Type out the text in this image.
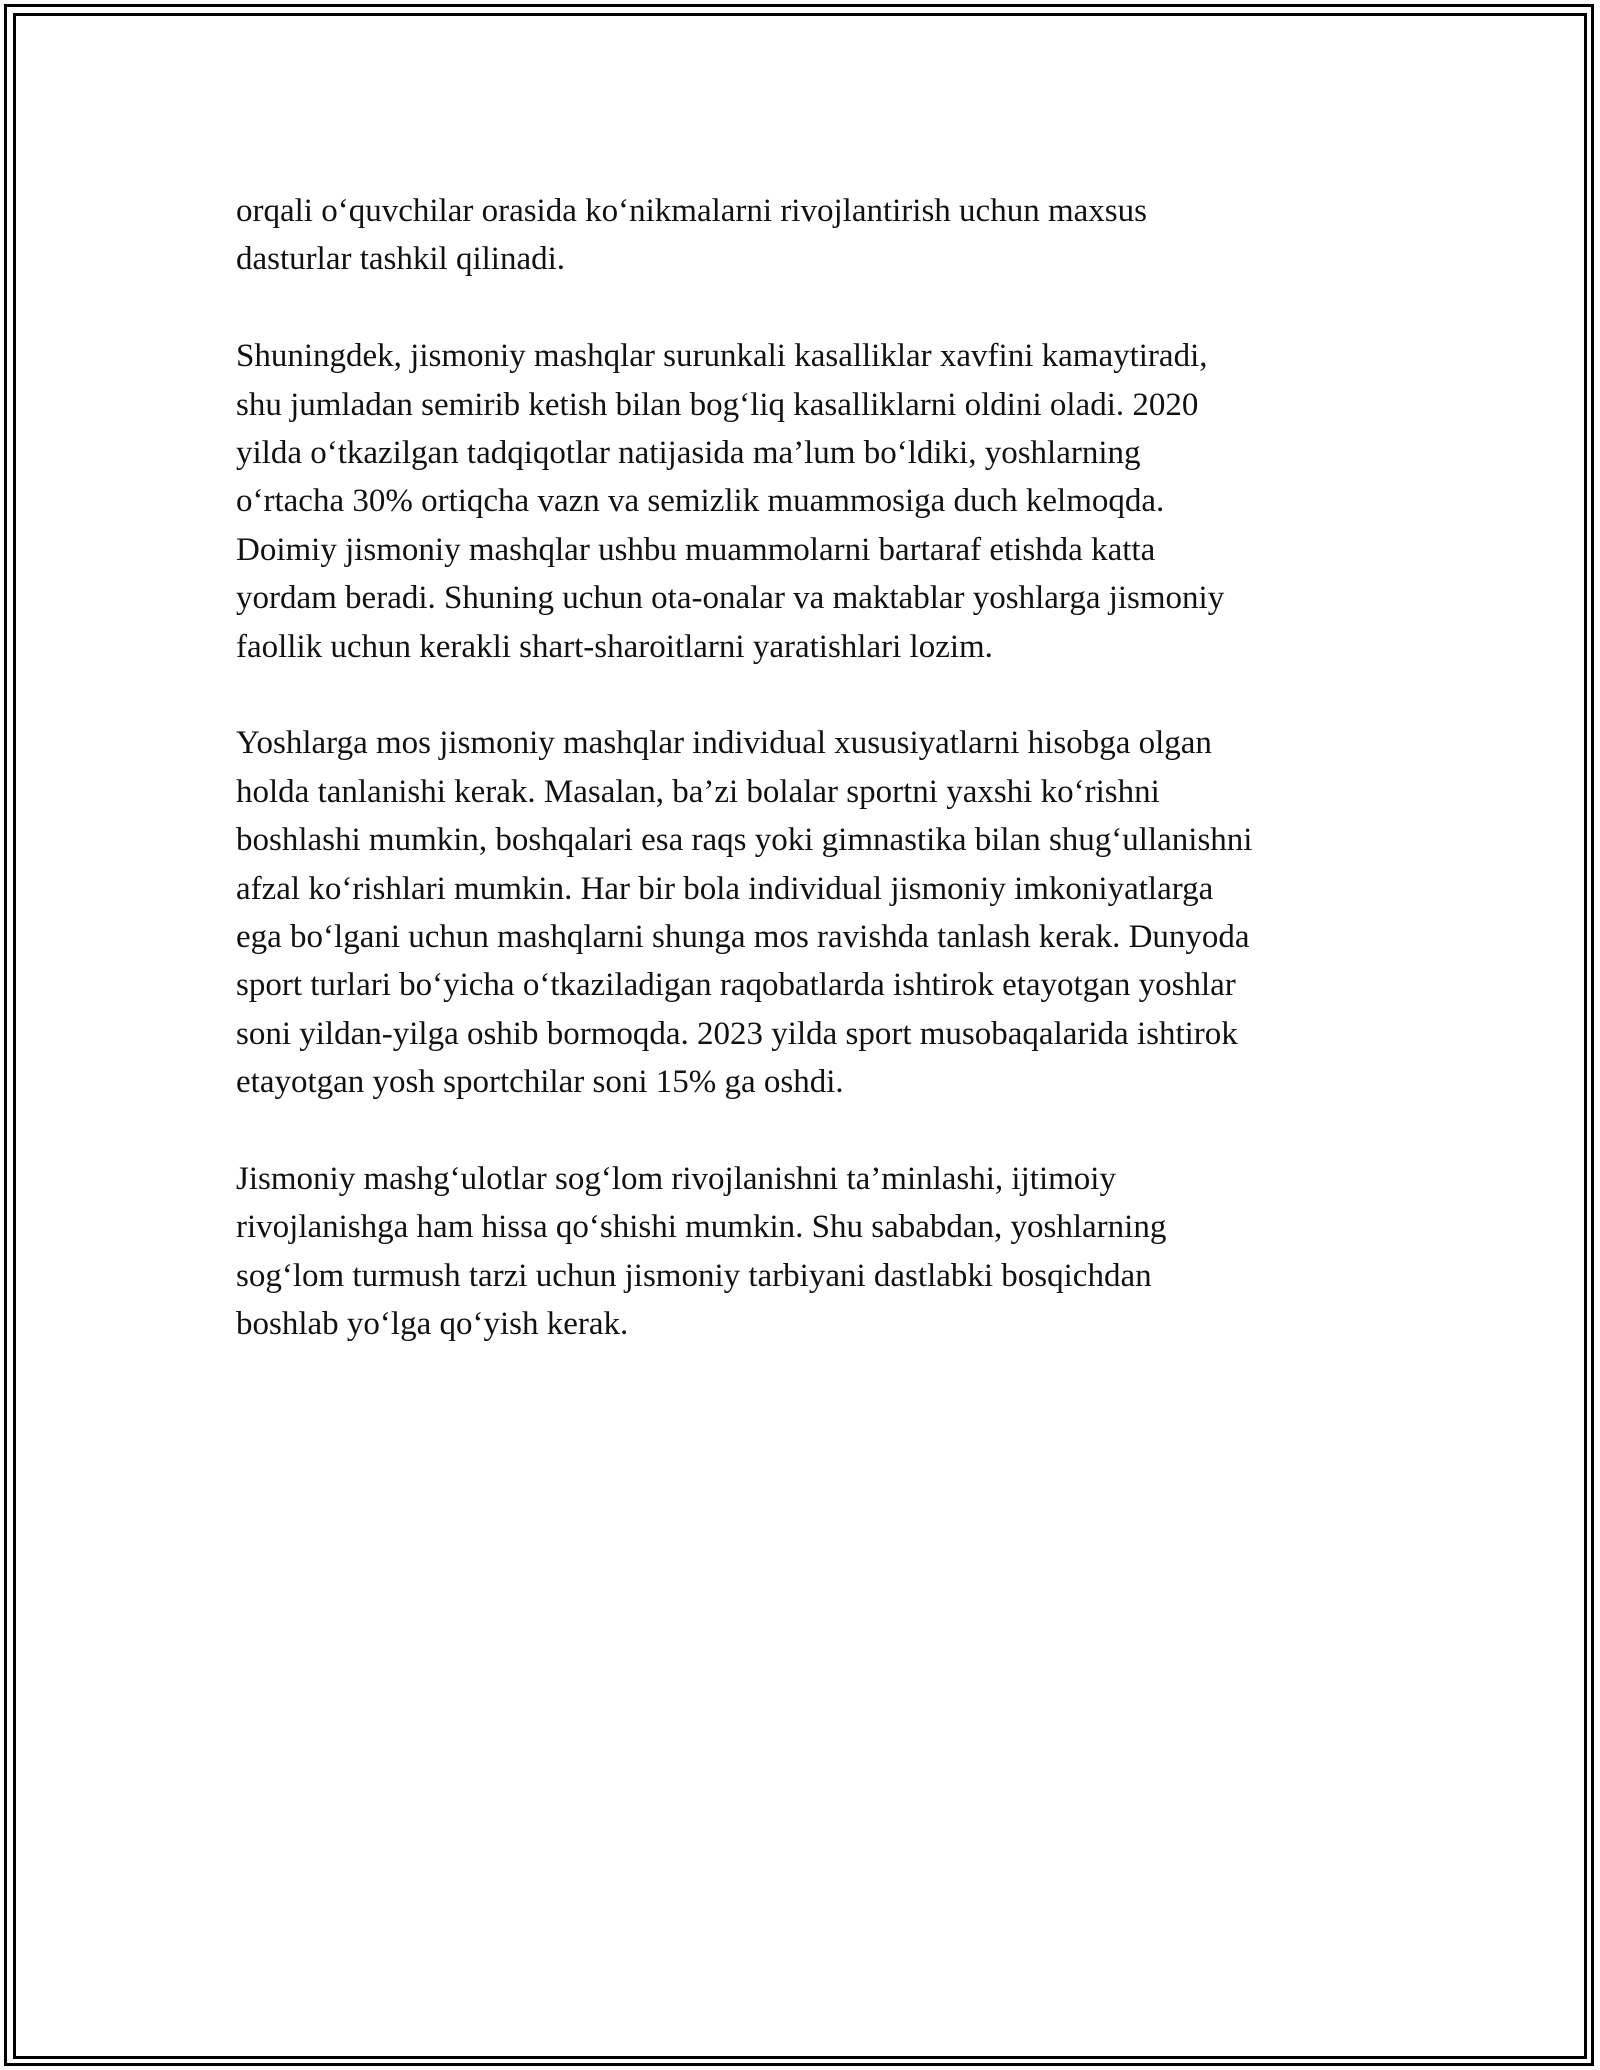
orqali o‘quvchilar orasida ko‘nikmalarni rivojlantirish uchun maxsus
dasturlar tashkil qilinadi.

Shuningdek, jismoniy mashqlar surunkali kasalliklar xavfini kamaytiradi,
shu jumladan semirib ketish bilan bog‘liq kasalliklarni oldini oladi. 2020
yilda o‘tkazilgan tadqiqotlar natijasida ma’lum bo‘ldiki, yoshlarning
o‘rtacha 30% ortiqcha vazn va semizlik muammosiga duch kelmoqda.
Doimiy jismoniy mashqlar ushbu muammolarni bartaraf etishda katta
yordam beradi. Shuning uchun ota-onalar va maktablar yoshlarga jismoniy
faollik uchun kerakli shart-sharoitlarni yaratishlari lozim.

Yoshlarga mos jismoniy mashqlar individual xususiyatlarni hisobga olgan
holda tanlanishi kerak. Masalan, ba’zi bolalar sportni yaxshi ko‘rishni
boshlashi mumkin, boshqalari esa raqs yoki gimnastika bilan shug‘ullanishni
afzal ko‘rishlari mumkin. Har bir bola individual jismoniy imkoniyatlarga
ega bo‘lgani uchun mashqlarni shunga mos ravishda tanlash kerak. Dunyoda
sport turlari bo‘yicha o‘tkaziladigan raqobatlarda ishtirok etayotgan yoshlar
soni yildan-yilga oshib bormoqda. 2023 yilda sport musobaqalarida ishtirok
etayotgan yosh sportchilar soni 15% ga oshdi.

Jismoniy mashg‘ulotlar sog‘lom rivojlanishni ta’minlashi, ijtimoiy
rivojlanishga ham hissa qo‘shishi mumkin. Shu sababdan, yoshlarning
sog‘lom turmush tarzi uchun jismoniy tarbiyani dastlabki bosqichdan
boshlab yo‘lga qo‘yish kerak.
